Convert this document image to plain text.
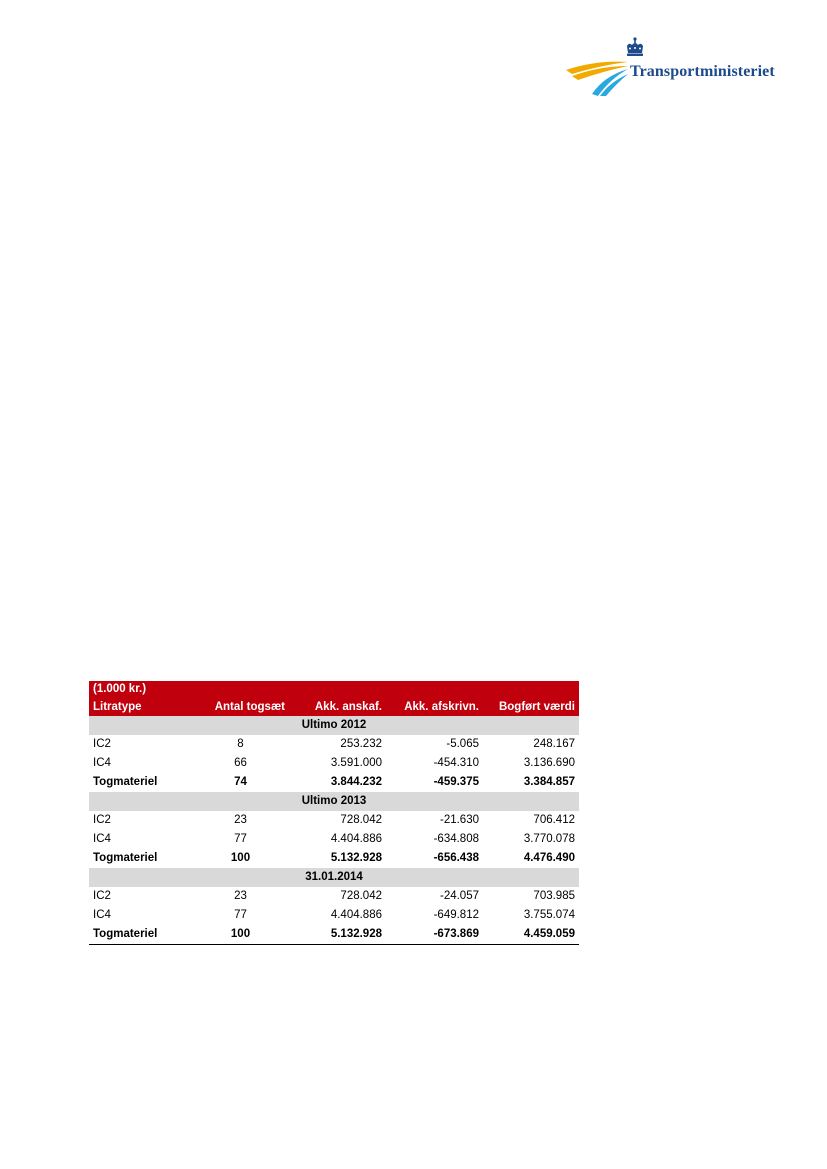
Transportministeriet
(1.000 kr.)				
Litratype	Antal togsæt	Akk. anskaf.	Akk. afskrivn.	Bogført værdi
Ultimo 2012				
IC2	8	253.232	-5.065	248.167
IC4	66	3.591.000	-454.310	3.136.690
Togmateriel	74	3.844.232	-459.375	3.384.857
Ultimo 2013				
IC2	23	728.042	-21.630	706.412
IC4	77	4.404.886	-634.808	3.770.078
Togmateriel	100	5.132.928	-656.438	4.476.490
31.01.2014				
IC2	23	728.042	-24.057	703.985
IC4	77	4.404.886	-649.812	3.755.074
Togmateriel	100	5.132.928	-673.869	4.459.059
